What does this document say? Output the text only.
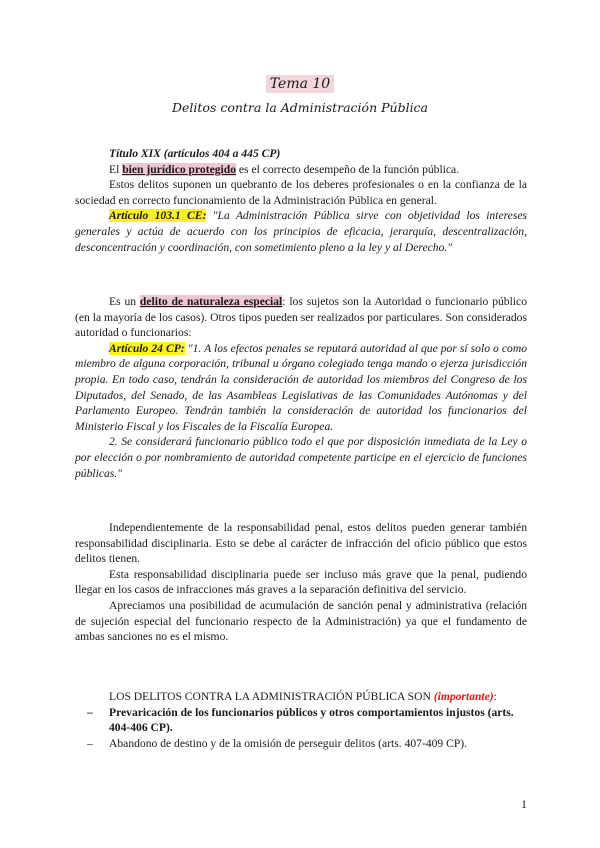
Tema 10
Delitos contra la Administración Pública

Título XIX (artículos 404 a 445 CP)

El bien jurídico protegido es el correcto desempeño de la función pública.

Estos delitos suponen un quebranto de los deberes profesionales o en la confianza de la sociedad en correcto funcionamiento de la Administración Pública en general.

Artículo 103.1 CE: "La Administración Pública sirve con objetividad los intereses generales y actúa de acuerdo con los principios de eficacia, jerarquía, descentralización, desconcentración y coordinación, con sometimiento pleno a la ley y al Derecho."

Es un delito de naturaleza especial: los sujetos son la Autoridad o funcionario público (en la mayoría de los casos). Otros tipos pueden ser realizados por particulares. Son considerados autoridad o funcionarios:

Artículo 24 CP: "1. A los efectos penales se reputará autoridad al que por sí solo o como miembro de alguna corporación, tribunal u órgano colegiado tenga mando o ejerza jurisdicción propia. En todo caso, tendrán la consideración de autoridad los miembros del Congreso de los Diputados, del Senado, de las Asambleas Legislativas de las Comunidades Autónomas y del Parlamento Europeo. Tendrán también la consideración de autoridad los funcionarios del Ministerio Fiscal y los Fiscales de la Fiscalía Europea.

2. Se considerará funcionario público todo el que por disposición inmediata de la Ley o por elección o por nombramiento de autoridad competente participe en el ejercicio de funciones públicas."

Independientemente de la responsabilidad penal, estos delitos pueden generar también responsabilidad disciplinaria. Esto se debe al carácter de infracción del oficio público que estos delitos tienen.

Esta responsabilidad disciplinaria puede ser incluso más grave que la penal, pudiendo llegar en los casos de infracciones más graves a la separación definitiva del servicio.

Apreciamos una posibilidad de acumulación de sanción penal y administrativa (relación de sujeción especial del funcionario respecto de la Administración) ya que el fundamento de ambas sanciones no es el mismo.

LOS DELITOS CONTRA LA ADMINISTRACIÓN PÚBLICA SON (importante):

– Prevaricación de los funcionarios públicos y otros comportamientos injustos (arts. 404-406 CP).
– Abandono de destino y de la omisión de perseguir delitos (arts. 407-409 CP).
1
